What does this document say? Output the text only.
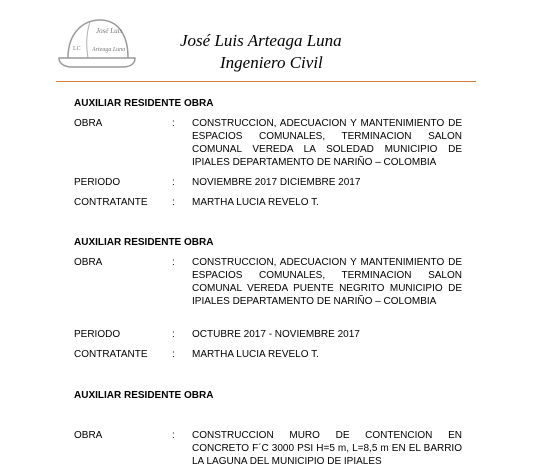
José Luis
LC Arteaga Luna	José Luis Arteaga Luna
Ingeniero Civil
AUXILIAR RESIDENTE OBRA
OBRA	: CONSTRUCCION, ADECUACION Y MANTENIMIENTO DE ESPACIOS COMUNALES, TERMINACION SALON COMUNAL VEREDA LA SOLEDAD MUNICIPIO DE IPIALES DEPARTAMENTO DE NARIÑO – COLOMBIA
PERIODO	: NOVIEMBRE 2017 DICIEMBRE 2017
CONTRATANTE : MARTHA LUCIA REVELO T.
AUXILIAR RESIDENTE OBRA
OBRA	: CONSTRUCCION, ADECUACION Y MANTENIMIENTO DE ESPACIOS COMUNALES, TERMINACION SALON COMUNAL VEREDA PUENTE NEGRITO MUNICIPIO DE IPIALES DEPARTAMENTO DE NARIÑO – COLOMBIA
PERIODO	: OCTUBRE 2017 - NOVIEMBRE 2017
CONTRATANTE : MARTHA LUCIA REVELO T.
AUXILIAR RESIDENTE OBRA
OBRA	: CONSTRUCCION MURO DE CONTENCION EN CONCRETO F´C 3000 PSI H=5 m, L=8,5 m EN EL BARRIO LA LAGUNA DEL MUNICIPIO DE IPIALES
